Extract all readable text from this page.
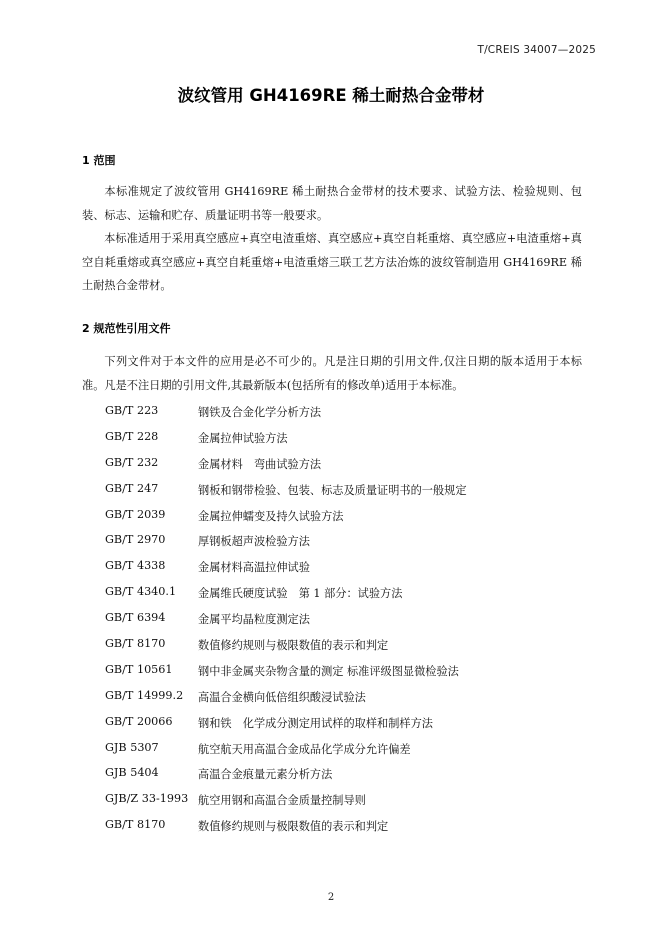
T/CREIS 34007—2025
波纹管用 GH4169RE 稀土耐热合金带材
1 范围
本标准规定了波纹管用 GH4169RE 稀土耐热合金带材的技术要求、试验方法、检验规则、包装、标志、运输和贮存、质量证明书等一般要求。
本标准适用于采用真空感应+真空电渣重熔、真空感应+真空自耗重熔、真空感应+电渣重熔+真空自耗重熔或真空感应+真空自耗重熔+电渣重熔三联工艺方法冶炼的波纹管制造用 GH4169RE 稀土耐热合金带材。
2 规范性引用文件
下列文件对于本文件的应用是必不可少的。凡是注日期的引用文件,仅注日期的版本适用于本标准。凡是不注日期的引用文件,其最新版本(包括所有的修改单)适用于本标准。
GB/T 223	钢铁及合金化学分析方法
GB/T 228	金属拉伸试验方法
GB/T 232	金属材料　弯曲试验方法
GB/T 247	钢板和钢带检验、包装、标志及质量证明书的一般规定
GB/T 2039	金属拉伸蠕变及持久试验方法
GB/T 2970	厚钢板超声波检验方法
GB/T 4338	金属材料高温拉伸试验
GB/T 4340.1	金属维氏硬度试验　第 1 部分：试验方法
GB/T 6394	金属平均晶粒度测定法
GB/T 8170	数值修约规则与极限数值的表示和判定
GB/T 10561	钢中非金属夹杂物含量的测定 标准评级图显微检验法
GB/T 14999.2	高温合金横向低倍组织酸浸试验法
GB/T 20066	钢和铁　化学成分测定用试样的取样和制样方法
GJB 5307	航空航天用高温合金成品化学成分允许偏差
GJB 5404	高温合金痕量元素分析方法
GJB/Z 33-1993 航空用钢和高温合金质量控制导则
GB/T 8170	数值修约规则与极限数值的表示和判定
2
